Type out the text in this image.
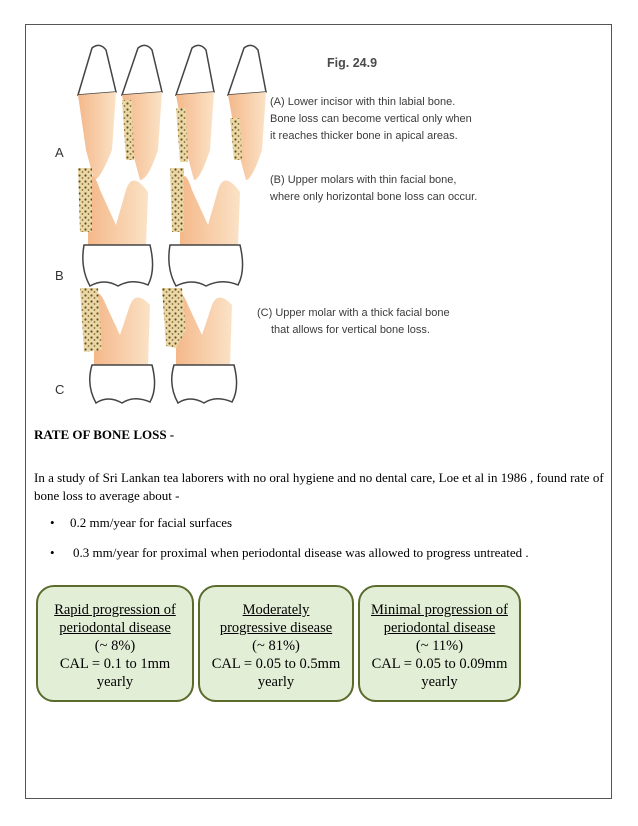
Fig. 24.9
(A) Lower incisor with thin labial bone.
Bone loss can become vertical only when
it reaches thicker bone in apical areas.
(B) Upper molars with thin facial bone,
where only horizontal bone loss can occur.
(C) Upper molar with a thick facial bone
that allows for vertical bone loss.
A
B
C
RATE OF BONE LOSS -
In a study of Sri Lankan tea laborers with no oral hygiene and no dental care, Loe et al in 1986 , found rate of bone loss to average about -
• 0.2 mm/year for facial surfaces
• 0.3 mm/year for proximal when periodontal disease was allowed to progress untreated .
Rapid progression of
periodontal disease
(~ 8%)
CAL = 0.1 to 1mm
yearly
Moderately
progressive disease
(~ 81%)
CAL = 0.05 to 0.5mm
yearly
Minimal progression of
periodontal disease
(~ 11%)
CAL = 0.05 to 0.09mm
yearly
